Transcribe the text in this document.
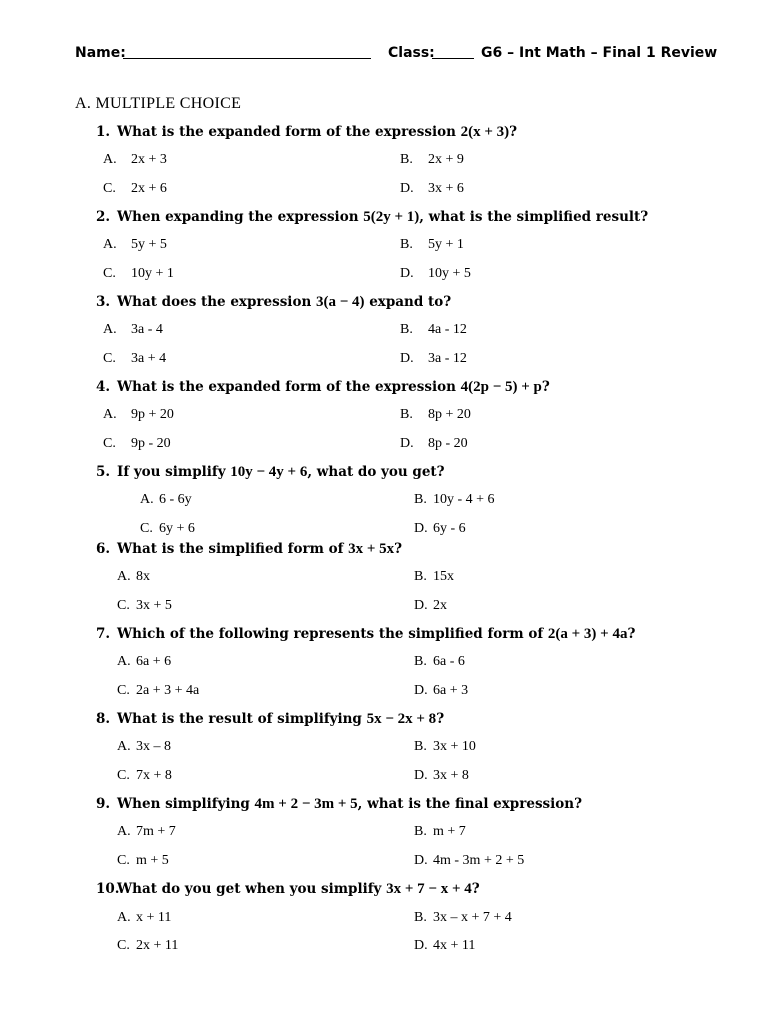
Name:	Class:	G6 – Int Math – Final 1 Review
A. MULTIPLE CHOICE
1. What is the expanded form of the expression 2(x + 3)?
A. 2x + 3	B. 2x + 9
C. 2x + 6	D. 3x + 6
2. When expanding the expression 5(2y + 1), what is the simplified result?
A. 5y + 5	B. 5y + 1
C. 10y + 1	D. 10y + 5
3. What does the expression 3(a − 4) expand to?
A. 3a - 4	B. 4a - 12
C. 3a + 4	D. 3a - 12
4. What is the expanded form of the expression 4(2p − 5) + p?
A. 9p + 20	B. 8p + 20
C. 9p - 20	D. 8p - 20
5. If you simplify 10y − 4y + 6, what do you get?
A. 6 - 6y	B. 10y - 4 + 6
C. 6y + 6	D. 6y - 6
6. What is the simplified form of 3x + 5x?
A. 8x	B. 15x
C. 3x + 5	D. 2x
7. Which of the following represents the simplified form of 2(a + 3) + 4a?
A. 6a + 6	B. 6a - 6
C. 2a + 3 + 4a	D. 6a + 3
8. What is the result of simplifying 5x − 2x + 8?
A. 3x – 8	B. 3x + 10
C. 7x + 8	D. 3x + 8
9. When simplifying 4m + 2 − 3m + 5, what is the final expression?
A. 7m + 7	B. m + 7
C. m + 5	D. 4m - 3m + 2 + 5
10.
What do you get when you simplify 3x + 7 − x + 4?
A. x + 11	B. 3x – x + 7 + 4
C. 2x + 11	D. 4x + 11
